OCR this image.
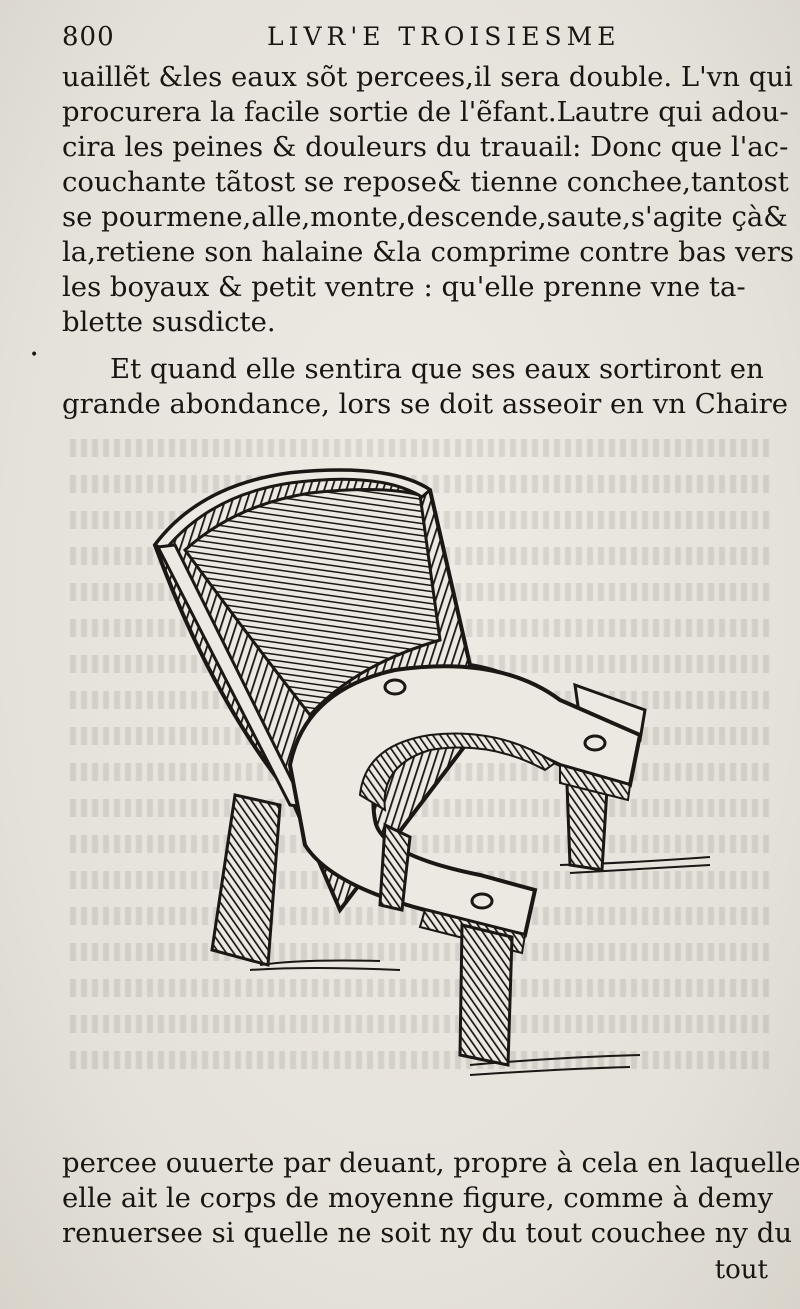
800	LIVR'E TROISIESME
uaillẽt &les eaux sõt percees,il sera double. L'vn qui
procurera la facile sortie de l'ẽfant.Lautre qui adou-
cira les peines & douleurs du trauail: Donc que l'ac-
couchante tãtost se repose& tienne conchee,tantost
se pourmene,alle,monte,descende,saute,s'agite çà&
la,retiene son halaine &la comprime contre bas vers
les boyaux & petit ventre : qu'elle prenne vne ta-
blette susdicte.
•	Et quand elle sentira que ses eaux sortiront en
grande abondance, lors se doit asseoir en vn Chaire
percee ouuerte par deuant, propre à cela en laquelle
elle ait le corps de moyenne figure, comme à demy
renuersee si quelle ne soit ny du tout couchee ny du
tout
